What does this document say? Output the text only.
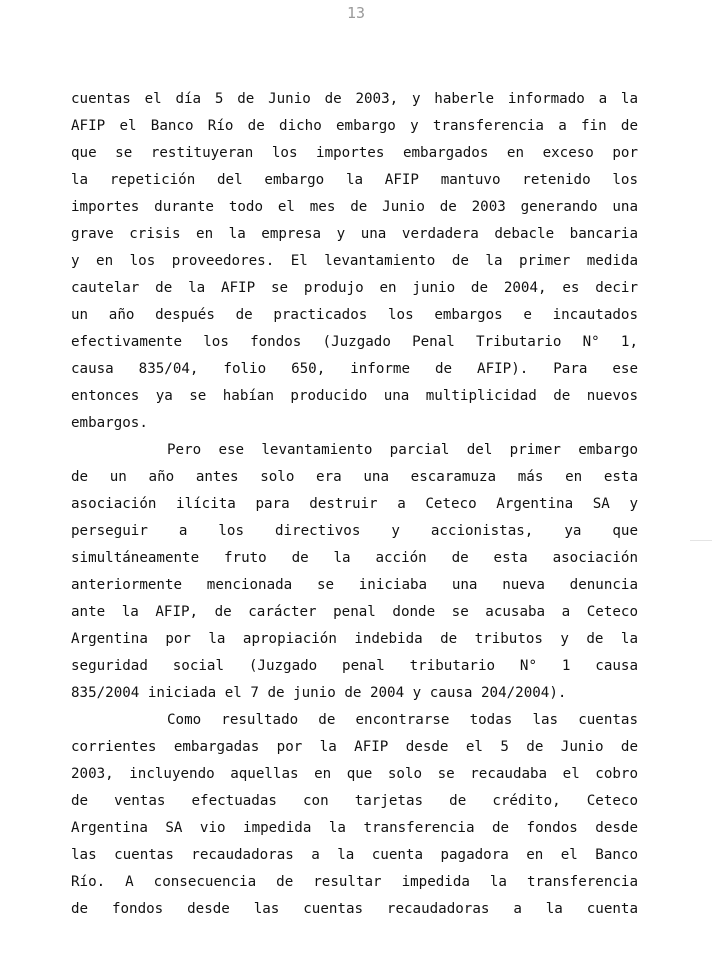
13
cuentas el día 5 de Junio de 2003, y haberle informado a la
AFIP el Banco Río de dicho embargo y transferencia a fin de
que se restituyeran los importes embargados en exceso por
la repetición del embargo la AFIP mantuvo retenido los
importes durante todo el mes de Junio de 2003 generando una
grave crisis en la empresa y una verdadera debacle bancaria
y en los proveedores. El levantamiento de la primer medida
cautelar de la AFIP se produjo en junio de 2004, es decir
un año después de practicados los embargos e incautados
efectivamente los fondos (Juzgado Penal Tributario N° 1,
causa 835/04, folio 650, informe de AFIP). Para ese
entonces ya se habían producido una multiplicidad de nuevos
embargos.
Pero ese levantamiento parcial del primer embargo
de un año antes solo era una escaramuza más en esta
asociación ilícita para destruir a Ceteco Argentina SA y
perseguir a los directivos y accionistas, ya que
simultáneamente fruto de la acción de esta asociación
anteriormente mencionada se iniciaba una nueva denuncia
ante la AFIP, de carácter penal donde se acusaba a Ceteco
Argentina por la apropiación indebida de tributos y de la
seguridad social (Juzgado penal tributario N° 1 causa
835/2004 iniciada el 7 de junio de 2004 y causa 204/2004).
Como resultado de encontrarse todas las cuentas
corrientes embargadas por la AFIP desde el 5 de Junio de
2003, incluyendo aquellas en que solo se recaudaba el cobro
de ventas efectuadas con tarjetas de crédito, Ceteco
Argentina SA vio impedida la transferencia de fondos desde
las cuentas recaudadoras a la cuenta pagadora en el Banco
Río. A consecuencia de resultar impedida la transferencia
de fondos desde las cuentas recaudadoras a la cuenta
